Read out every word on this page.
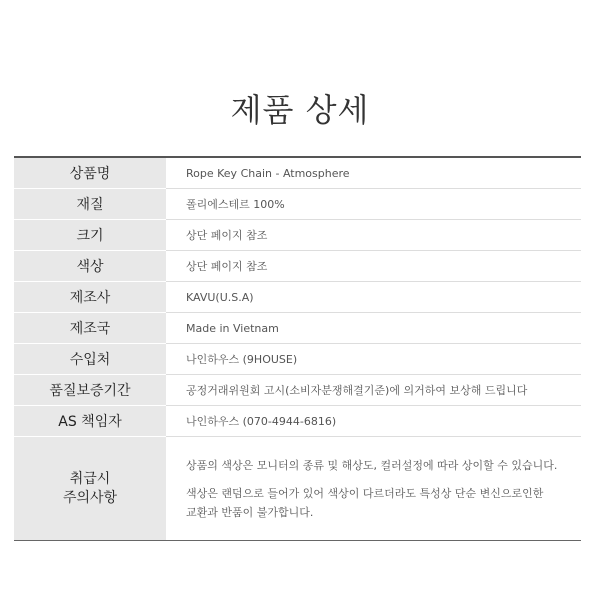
제품 상세
상품명	Rope Key Chain - Atmosphere
재질	폴리에스테르 100%
크기	상단 페이지 참조
색상	상단 페이지 참조
제조사	KAVU(U.S.A)
제조국	Made in Vietnam
수입처	나인하우스 (9HOUSE)
품질보증기간	공정거래위원회 고시(소비자분쟁해결기준)에 의거하여 보상해 드립니다
AS 책임자	나인하우스 (070-4944-6816)

취급시
주의사항	상품의 색상은 모니터의 종류 및 해상도, 컬러설정에 따라 상이할 수 있습니다.
색상은 랜덤으로 들어가 있어 색상이 다르더라도 특성상 단순 변신으로인한
교환과 반품이 불가합니다.
